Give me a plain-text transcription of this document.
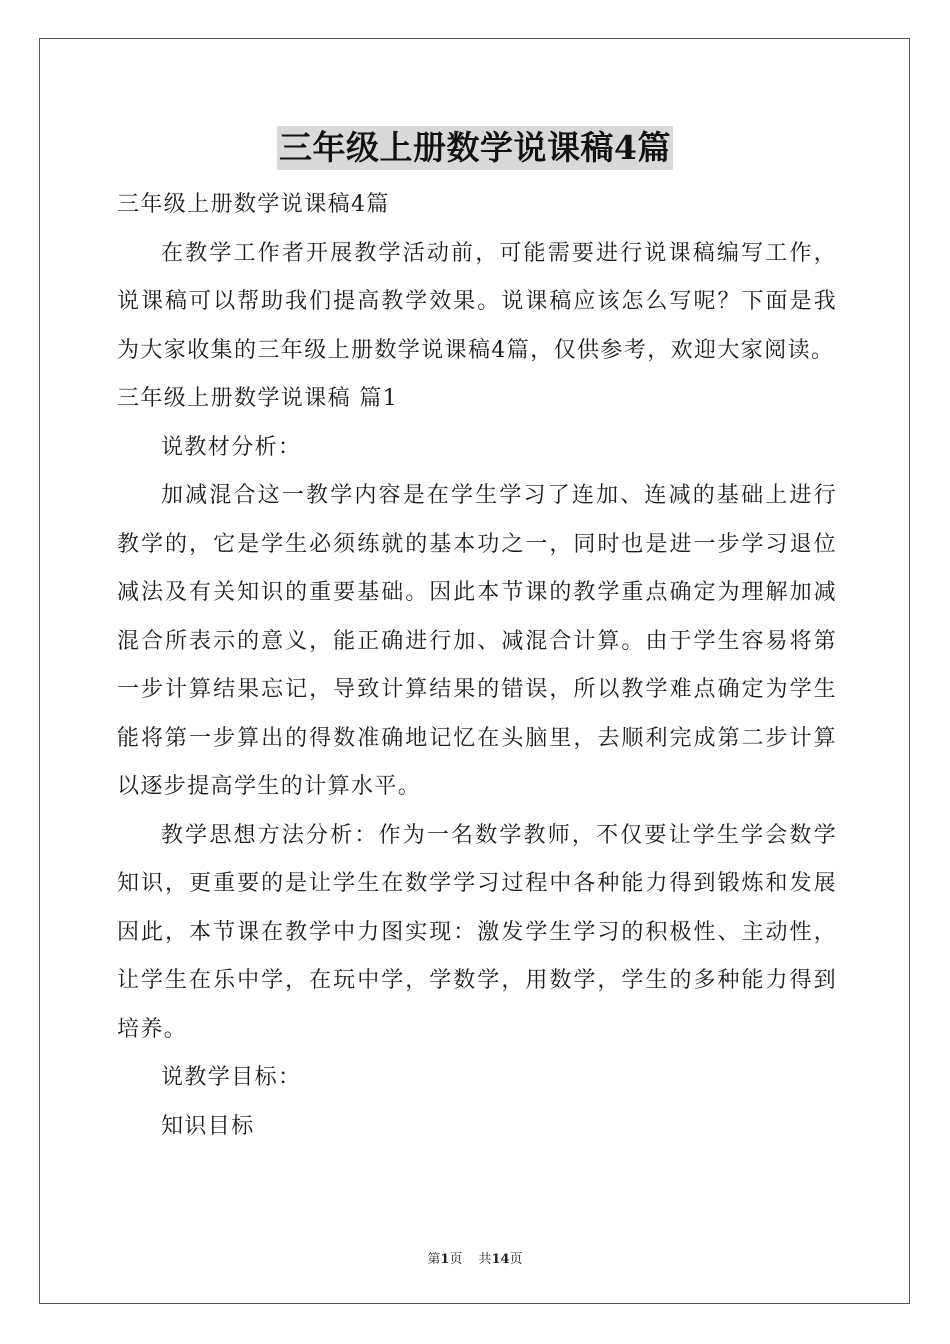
三年级上册数学说课稿4篇

三年级上册数学说课稿4篇

在教学工作者开展教学活动前，可能需要进行说课稿编写工作，说课稿可以帮助我们提高教学效果。说课稿应该怎么写呢？下面是我为大家收集的三年级上册数学说课稿4篇，仅供参考，欢迎大家阅读。

三年级上册数学说课稿 篇1

说教材分析：

加减混合这一教学内容是在学生学习了连加、连减的基础上进行教学的，它是学生必须练就的基本功之一，同时也是进一步学习退位减法及有关知识的重要基础。因此本节课的教学重点确定为理解加减混合所表示的意义，能正确进行加、减混合计算。由于学生容易将第一步计算结果忘记，导致计算结果的错误，所以教学难点确定为学生能将第一步算出的得数准确地记忆在头脑里，去顺利完成第二步计算以逐步提高学生的计算水平。

教学思想方法分析：作为一名数学教师，不仅要让学生学会数学知识，更重要的是让学生在数学学习过程中各种能力得到锻炼和发展因此，本节课在教学中力图实现：激发学生学习的积极性、主动性，让学生在乐中学，在玩中学，学数学，用数学，学生的多种能力得到培养。

说教学目标：

知识目标

第1页 共14页
